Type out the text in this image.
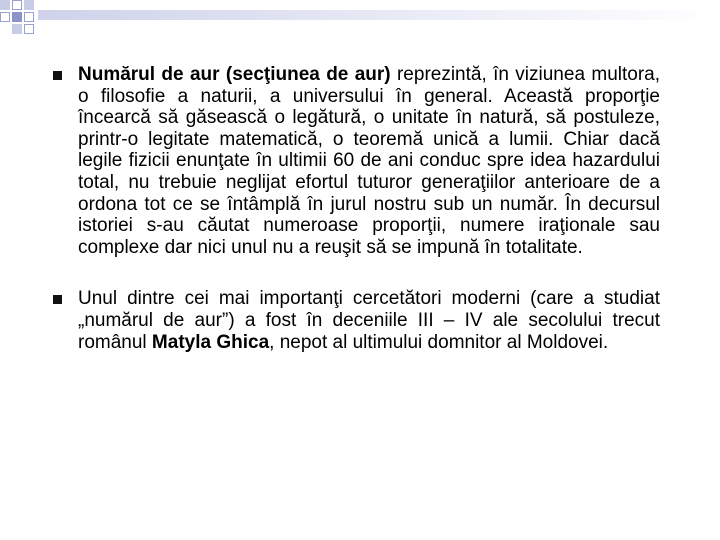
Numărul de aur (secţiunea de aur) reprezintă, în viziunea multora, o filosofie a naturii, a universului în general. Această proporţie încearcă să găsească o legătură, o unitate în natură, să postuleze, printr-o legitate matematică, o teoremă unică a lumii. Chiar dacă legile fizicii enunţate în ultimii 60 de ani conduc spre idea hazardului total, nu trebuie neglijat efortul tuturor generaţiilor anterioare de a ordona tot ce se întâmplă în jurul nostru sub un număr. În decursul istoriei s-au căutat numeroase proporţii, numere iraţionale sau complexe dar nici unul nu a reuşit să se impună în totalitate.
Unul dintre cei mai importanţi cercetători moderni (care a studiat „numărul de aur”) a fost în deceniile III – IV ale secolului trecut românul Matyla Ghica, nepot al ultimului domnitor al Moldovei.
